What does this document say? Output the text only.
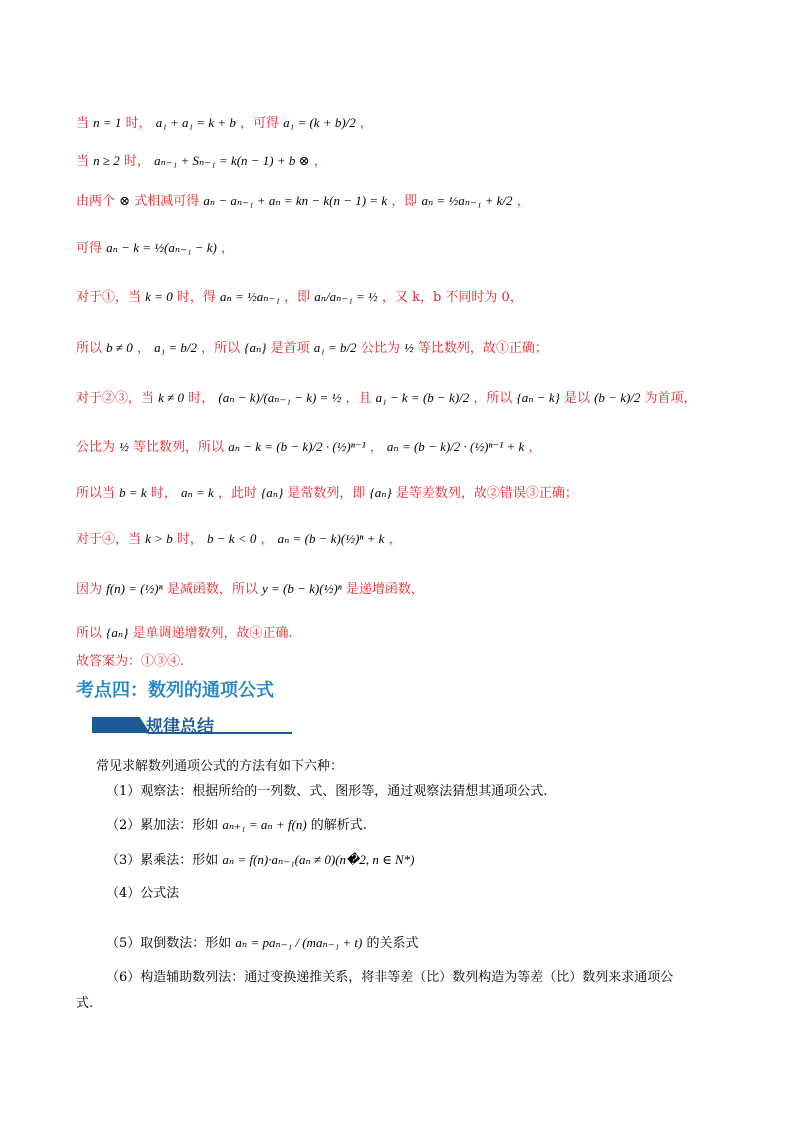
当 n = 1 时， a₁ + a₁ = k + b ，可得 a₁ = (k + b)/2 ，
当 n ≥ 2 时， aₙ₋₁ + Sₙ₋₁ = k(n − 1) + b ⊗ ，
由两个 ⊗ 式相减可得 aₙ − aₙ₋₁ + aₙ = kn − k(n − 1) = k ，即 aₙ = ½aₙ₋₁ + k/2 ，
可得 aₙ − k = ½(aₙ₋₁ − k) ，
对于①，当 k = 0 时，得 aₙ = ½aₙ₋₁ ，即 aₙ/aₙ₋₁ = ½ ，又 k，b 不同时为 0，
所以 b ≠ 0 ， a₁ = b/2 ，所以 {aₙ} 是首项 a₁ = b/2 公比为 ½ 等比数列，故①正确；
对于②③，当 k ≠ 0 时， (aₙ − k)/(aₙ₋₁ − k) = ½ ，且 a₁ − k = (b − k)/2 ，所以 {aₙ − k} 是以 (b − k)/2 为首项，
公比为 ½ 等比数列，所以 aₙ − k = (b − k)/2 · (½)ⁿ⁻¹ ， aₙ = (b − k)/2 · (½)ⁿ⁻¹ + k ，
所以当 b = k 时， aₙ = k ，此时 {aₙ} 是常数列，即 {aₙ} 是等差数列，故②错误③正确；
对于④，当 k > b 时， b − k < 0 ， aₙ = (b − k)(½)ⁿ + k ，
因为 f(n) = (½)ⁿ 是减函数，所以 y = (b − k)(½)ⁿ 是递增函数，
所以 {aₙ} 是单调递增数列，故④正确.
故答案为：①③④.
考点四：数列的通项公式
规律总结
常见求解数列通项公式的方法有如下六种：
（1）观察法：根据所给的一列数、式、图形等，通过观察法猜想其通项公式.
（2）累加法：形如 aₙ₊₁ = aₙ + f(n) 的解析式.
（3）累乘法：形如 aₙ = f(n)·aₙ₋₁(aₙ ≠ 0)(n�2, n ∈ N*)
（4）公式法
（5）取倒数法：形如 aₙ = paₙ₋₁ / (maₙ₋₁ + t) 的关系式
（6）构造辅助数列法：通过变换递推关系，将非等差（比）数列构造为等差（比）数列来求通项公
式.
